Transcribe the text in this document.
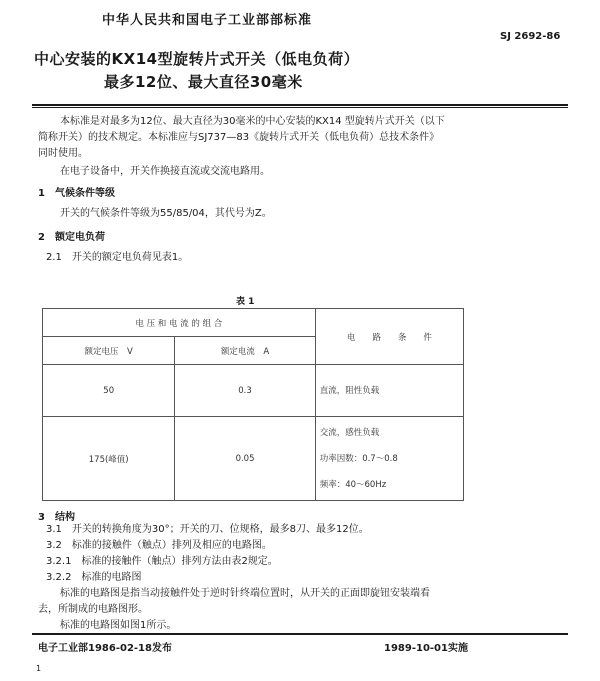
中华人民共和国电子工业部部标准
SJ 2692-86
中心安装的KX14型旋转片式开关（低电负荷）
最多12位、最大直径30毫米
本标准是对最多为12位、最大直径为30毫米的中心安装的KX14 型旋转片式开关（以下
简称开关）的技术规定。本标准应与SJ737—83《旋转片式开关（低电负荷）总技术条件》
同时使用。
在电子设备中，开关作换接直流或交流电路用。
1　气候条件等级
开关的气候条件等级为55/85/04，其代号为Z。
2　额定电负荷
2.1　开关的额定电负荷见表1。
表 1
电 压 和 电 流 的 组 合		电　　路　　条　　件
额定电压　V	额定电流　A	
50	0.3	直流，阻性负载

175(峰值)	0.05	交流，感性负载
功率因数：0.7～0.8
频率：40～60Hz
3　结构
3.1　开关的转换角度为30°；开关的刀、位规格，最多8刀、最多12位。
3.2　标准的接触件（触点）排列及相应的电路图。
3.2.1　标准的接触件（触点）排列方法由表2规定。
3.2.2　标准的电路图
标准的电路图是指当动接触件处于逆时针终端位置时，从开关的正面即旋钮安装端看
去，所制成的电路图形。
标准的电路图如图1所示。
电子工业部1986-02-18发布	1989-10-01实施
1
